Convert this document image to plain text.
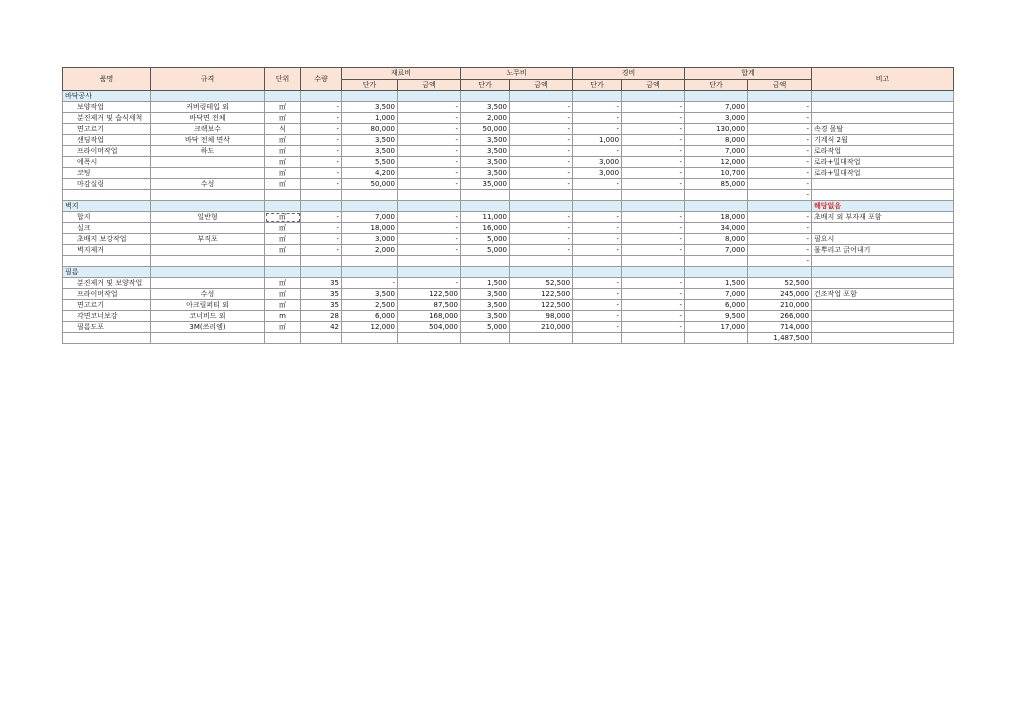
품명	규격	단위	수량	재료비		노무비		경비		합계		비고
				단가	금액	단가	금액	단가	금액	단가	금액	
바닥공사												
보양작업	커버링테입 외	㎡	-	3,500	-	3,500	-	-	-	7,000	-	
분진제거 및 습식세척	바닥면 전체	㎡	-	1,000	-	2,000	-	-	-	3,000	-	
면고르기	크랙보수	식	-	80,000	-	50,000	-	-	-	130,000	-	속경 몰탈
샌딩작업	바닥 전체 면삭	㎡	-	3,500	-	3,500	-	1,000	-	8,000	-	기계식 2월
프라이머작업	하도	㎡	-	3,500	-	3,500	-	-	-	7,000	-	로라작업
에폭시		㎡	-	5,500	-	3,500	-	3,000	-	12,000	-	로라+밀대작업
코팅		㎡	-	4,200	-	3,500	-	3,000	-	10,700	-	로라+밀대작업
마감실링	수성	㎡	-	50,000	-	35,000	-	-	-	85,000	-	
											-	
벽지												해당없음
합지	일반형	㎡	-	7,000	-	11,000	-	-	-	18,000	-	초배지 외 부자재 포함
실크		㎡	-	18,000	-	16,000	-	-	-	34,000	-	
초배지 보강작업	부직포	㎡	-	3,000	-	5,000	-	-	-	8,000	-	필요시
벽지제거		㎡	-	2,000	-	5,000	-	-	-	7,000	-	물뿌리고 긁어내기
											-	
필름												
분진제거 및 보양작업		㎡	35	-	-	1,500	52,500	-	-	1,500	52,500	
프라이머작업	수성	㎡	35	3,500	122,500	3,500	122,500	-	-	7,000	245,000	건조작업 포함
면고르기	아크릴퍼티 외	㎡	35	2,500	87,500	3,500	122,500	-	-	6,000	210,000	
각면코너보강	코너비드 외	m	28	6,000	168,000	3,500	98,000	-	-	9,500	266,000	
필름도포	3M(쓰리엠)	㎡	42	12,000	504,000	5,000	210,000	-	-	17,000	714,000	
											1,487,500	
